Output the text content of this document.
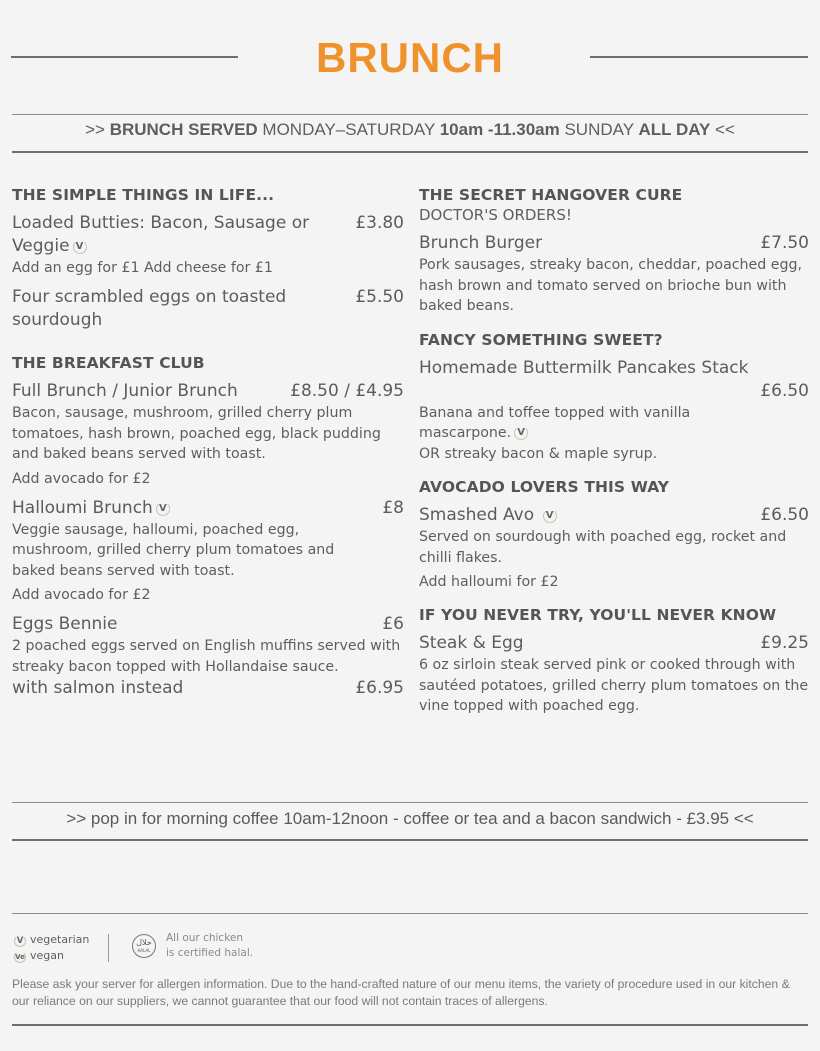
BRUNCH
>> BRUNCH SERVED MONDAY–SATURDAY 10am -11.30am SUNDAY ALL DAY <<
THE SIMPLE THINGS IN LIFE...
Loaded Butties: Bacon, Sausage or Veggie V
£3.80
Add an egg for £1 Add cheese for £1
Four scrambled eggs on toasted sourdough
£5.50
THE BREAKFAST CLUB
Full Brunch / Junior Brunch	£8.50 / £4.95
Bacon, sausage, mushroom, grilled cherry plum tomatoes, hash brown, poached egg, black pudding and baked beans served with toast.
Add avocado for £2
Halloumi Brunch V	£8
Veggie sausage, halloumi, poached egg, mushroom, grilled cherry plum tomatoes and baked beans served with toast.
Add avocado for £2
Eggs Bennie	£6
2 poached eggs served on English muffins served with streaky bacon topped with Hollandaise sauce.
with salmon instead	£6.95
THE SECRET HANGOVER CURE
DOCTOR'S ORDERS!
Brunch Burger	£7.50
Pork sausages, streaky bacon, cheddar, poached egg, hash brown and tomato served on brioche bun with baked beans.
FANCY SOMETHING SWEET?
Homemade Buttermilk Pancakes Stack
£6.50
Banana and toffee topped with vanilla mascarpone. V
OR streaky bacon & maple syrup.
AVOCADO LOVERS THIS WAY
Smashed Avo V	£6.50
Served on sourdough with poached egg, rocket and chilli flakes.
Add halloumi for £2
IF YOU NEVER TRY, YOU'LL NEVER KNOW
Steak & Egg	£9.25
6 oz sirloin steak served pink or cooked through with sautéed potatoes, grilled cherry plum tomatoes on the vine topped with poached egg.
>> pop in for morning coffee 10am-12noon - coffee or tea and a bacon sandwich - £3.95 <<
V vegetarian
Ve vegan
حلال
HALAL
All our chicken
is certified halal.
Please ask your server for allergen information. Due to the hand-crafted nature of our menu items, the variety of procedure used in our kitchen & our reliance on our suppliers, we cannot guarantee that our food will not contain traces of allergens.
